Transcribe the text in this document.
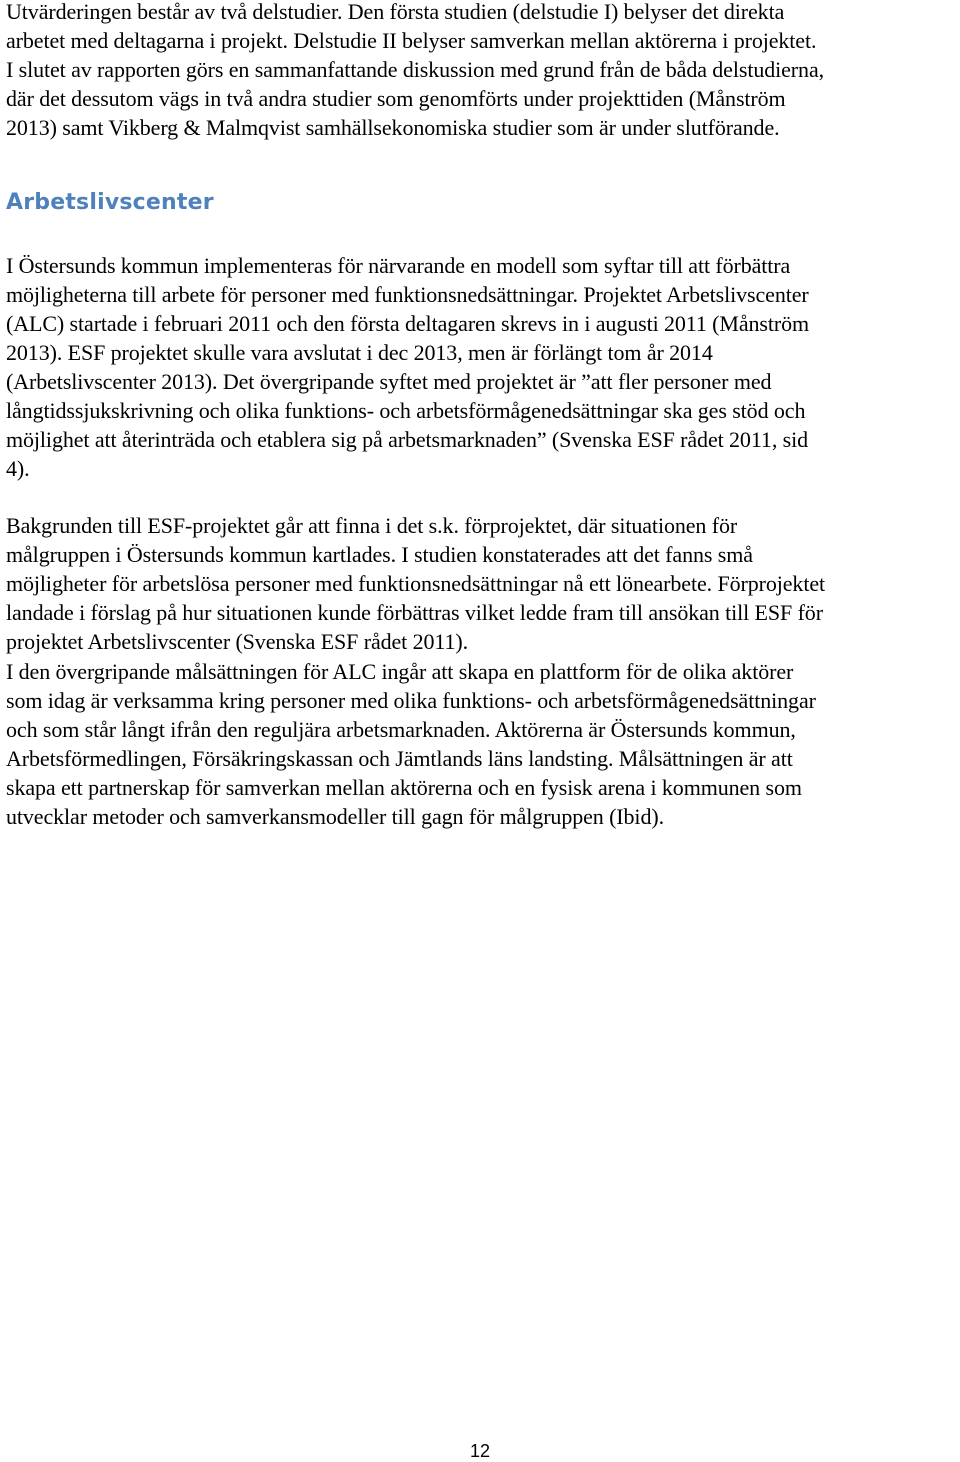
Utvärderingen består av två delstudier. Den första studien (delstudie I) belyser det direkta
arbetet med deltagarna i projekt. Delstudie II belyser samverkan mellan aktörerna i projektet.
I slutet av rapporten görs en sammanfattande diskussion med grund från de båda delstudierna,
där det dessutom vägs in två andra studier som genomförts under projekttiden (Månström
2013) samt Vikberg & Malmqvist samhällsekonomiska studier som är under slutförande.
Arbetslivscenter
I Östersunds kommun implementeras för närvarande en modell som syftar till att förbättra
möjligheterna till arbete för personer med funktionsnedsättningar. Projektet Arbetslivscenter
(ALC) startade i februari 2011 och den första deltagaren skrevs in i augusti 2011 (Månström
2013). ESF projektet skulle vara avslutat i dec 2013, men är förlängt tom år 2014
(Arbetslivscenter 2013). Det övergripande syftet med projektet är ”att fler personer med
långtidssjukskrivning och olika funktions- och arbetsförmågenedsättningar ska ges stöd och
möjlighet att återinträda och etablera sig på arbetsmarknaden” (Svenska ESF rådet 2011, sid
4).
Bakgrunden till ESF-projektet går att finna i det s.k. förprojektet, där situationen för
målgruppen i Östersunds kommun kartlades. I studien konstaterades att det fanns små
möjligheter för arbetslösa personer med funktionsnedsättningar nå ett lönearbete. Förprojektet
landade i förslag på hur situationen kunde förbättras vilket ledde fram till ansökan till ESF för
projektet Arbetslivscenter (Svenska ESF rådet 2011).
I den övergripande målsättningen för ALC ingår att skapa en plattform för de olika aktörer
som idag är verksamma kring personer med olika funktions- och arbetsförmågenedsättningar
och som står långt ifrån den reguljära arbetsmarknaden. Aktörerna är Östersunds kommun,
Arbetsförmedlingen, Försäkringskassan och Jämtlands läns landsting. Målsättningen är att
skapa ett partnerskap för samverkan mellan aktörerna och en fysisk arena i kommunen som
utvecklar metoder och samverkansmodeller till gagn för målgruppen (Ibid).
12
